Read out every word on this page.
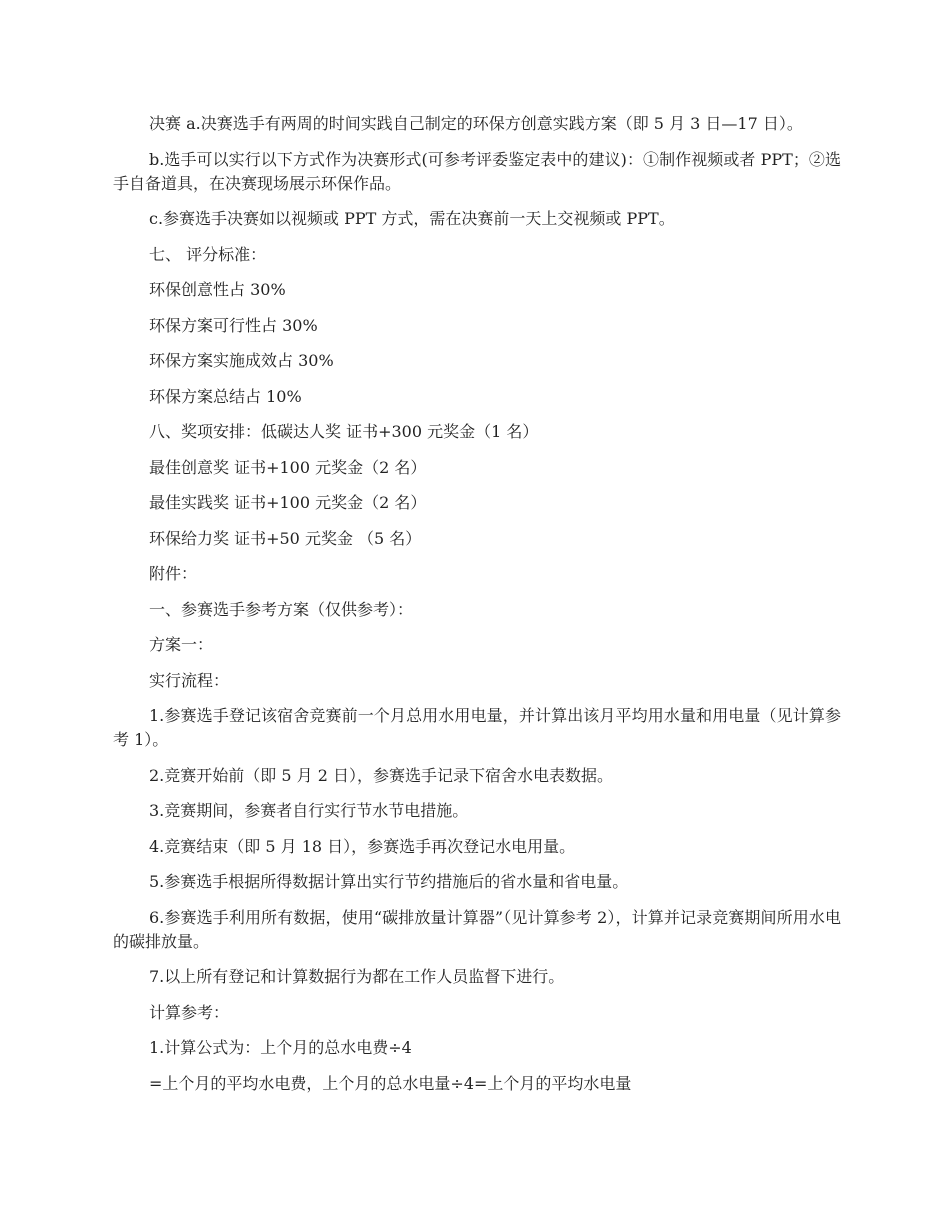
决赛 a.决赛选手有两周的时间实践自己制定的环保方创意实践方案（即 5 月 3 日—17 日）。

b.选手可以实行以下方式作为决赛形式(可参考评委鉴定表中的建议)：①制作视频或者 PPT；②选手自备道具，在决赛现场展示环保作品。

c.参赛选手决赛如以视频或 PPT 方式，需在决赛前一天上交视频或 PPT。

七、 评分标准：

环保创意性占 30%

环保方案可行性占 30%

环保方案实施成效占 30%

环保方案总结占 10%

八、奖项安排：低碳达人奖 证书+300 元奖金（1 名）

最佳创意奖 证书+100 元奖金（2 名）

最佳实践奖 证书+100 元奖金（2 名）

环保给力奖 证书+50 元奖金 （5 名）

附件：

一、参赛选手参考方案（仅供参考）：

方案一：

实行流程：

1.参赛选手登记该宿舍竞赛前一个月总用水用电量，并计算出该月平均用水量和用电量（见计算参考 1）。

2.竞赛开始前（即 5 月 2 日），参赛选手记录下宿舍水电表数据。

3.竞赛期间，参赛者自行实行节水节电措施。

4.竞赛结束（即 5 月 18 日），参赛选手再次登记水电用量。

5.参赛选手根据所得数据计算出实行节约措施后的省水量和省电量。

6.参赛选手利用所有数据，使用“碳排放量计算器”（见计算参考 2），计算并记录竞赛期间所用水电的碳排放量。

7.以上所有登记和计算数据行为都在工作人员监督下进行。

计算参考：

1.计算公式为：上个月的总水电费÷4

=上个月的平均水电费，上个月的总水电量÷4=上个月的平均水电量
